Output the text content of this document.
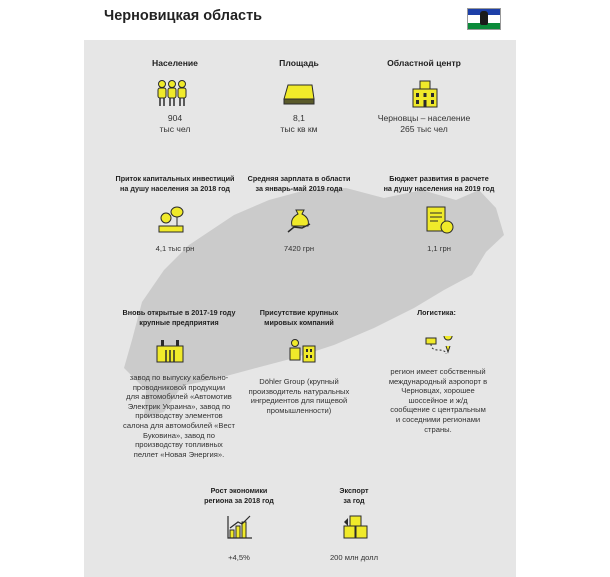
Черновицкая область
Население
904
тыс чел
Площадь
8,1
тыс кв км
Областной центр
Черновцы – население
265 тыс чел
Приток капитальных инвестиций
на душу населения за 2018 год
4,1 тыс грн
Средняя зарплата в области
за январь-май 2019 года
7420 грн
Бюджет развития в расчете
на душу населения на 2019 год
1,1 грн
Вновь открытые в 2017-19 году
крупные предприятия
завод по выпуску кабельно-
проводниковой продукции
для автомобилей «Автомотив
Электрик Украина», завод по
производству элементов
салона для автомобилей «Вест
Буковина», завод по
производству топливных
пеллет «Новая Энергия».
Присутствие крупных
мировых компаний
Döhler Group (крупный
производитель натуральных
ингредиентов для пищевой
промышленности)
Логистика:
регион имеет собственный
международный аэропорт в
Черновцах, хорошее
шоссейное и ж/д
сообщение с центральным
и соседними регионами
страны.
Рост экономики
региона за 2018 год
+4,5%
Экспорт
за год
200 млн долл
